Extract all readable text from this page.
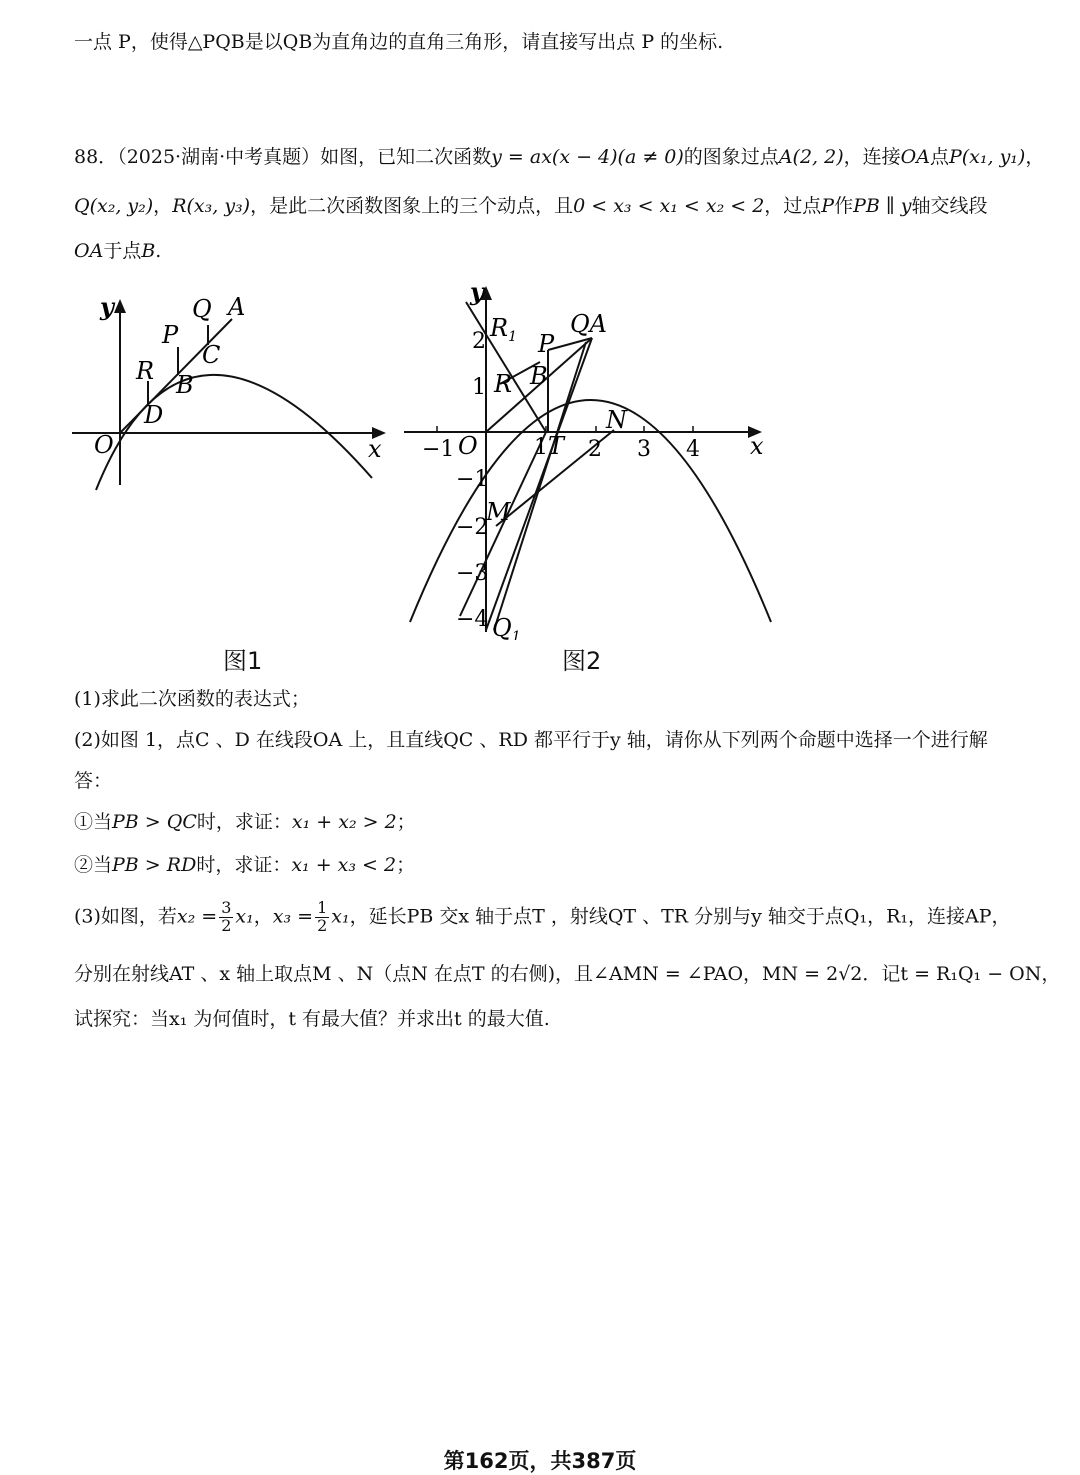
一点 P，使得△PQB是以QB为直角边的直角三角形，请直接写出点 P 的坐标.
88．（2025·湖南·中考真题）如图，已知二次函数y = ax(x − 4)(a ≠ 0)的图象过点A(2, 2)，连接OA点P(x₁, y₁)，
Q(x₂, y₂)，R(x₃, y₃)，是此二次函数图象上的三个动点，且0 < x₃ < x₁ < x₂ < 2，过点P作PB ∥ y轴交线段
OA于点B.
y
x
O
Q A
P
C
R B
D
图1
y
x
O
$R_1$ P
QA
B
R
T
N
M
$Q_1$
−1	1 2 3 4
2
1
−1
−2
−3
−4
图2
(1)求此二次函数的表达式；
(2)如图 1，点C 、D 在线段OA 上，且直线QC 、RD 都平行于y 轴，请你从下列两个命题中选择一个进行解
答：
①当PB > QC时，求证：x₁ + x₂ > 2；
②当PB > RD时，求证：x₁ + x₃ < 2；
(3)如图，若$x_2 = \frac{3}{2} x_1$，$x_3 = \frac{1}{2} x_1$，延长PB 交x 轴于点T ，射线QT 、TR 分别与y 轴交于点Q₁，R₁，连接AP，
分别在射线AT 、x 轴上取点M 、N（点N 在点T 的右侧)，且∠AMN = ∠PAO，MN = 2√2．记t = R₁Q₁ − ON，
试探究：当x₁ 为何值时，t 有最大值？并求出t 的最大值.
第162页，共387页
